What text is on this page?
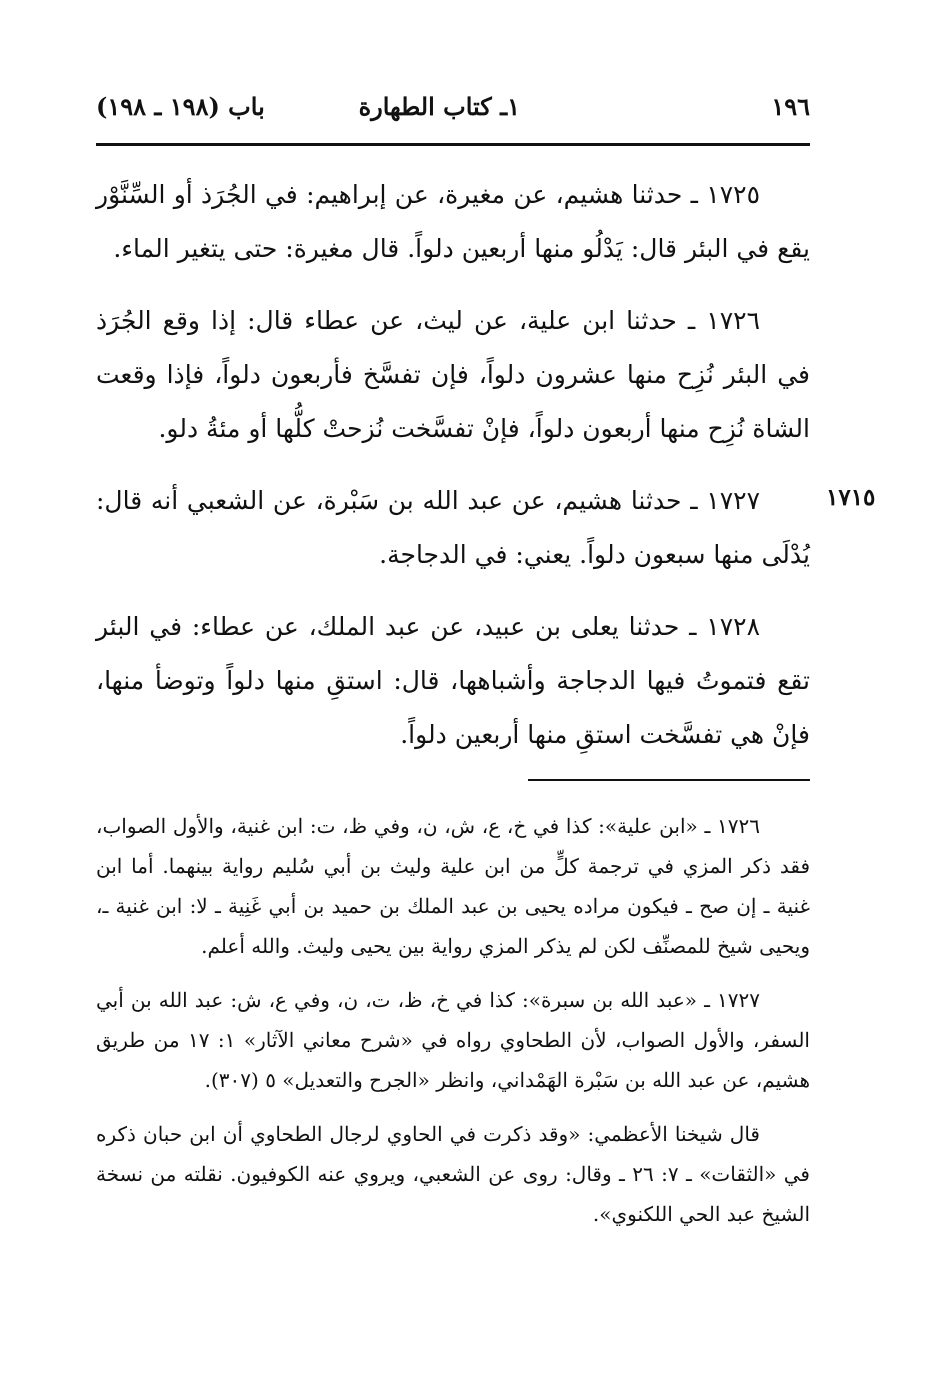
١٩٦
١ـ كتاب الطهارة
باب (١٩٨ ـ ١٩٨)

١٧٢٥ ـ حدثنا هشيم، عن مغيرة، عن إبراهيم: في الجُرَذ أو السِّنَّوْر يقع في البئر قال: يَدْلُو منها أربعين دلواً. قال مغيرة: حتى يتغير الماء.

١٧٢٦ ـ حدثنا ابن علية، عن ليث، عن عطاء قال: إذا وقع الجُرَذ في البئر نُزِح منها عشرون دلواً، فإن تفسَّخ فأربعون دلواً، فإذا وقعت الشاة نُزِح منها أربعون دلواً، فإنْ تفسَّخت نُزحتْ كلُّها أو مئةُ دلو.

١٧٢٧ ـ حدثنا هشيم، عن عبد الله بن سَبْرة، عن الشعبي أنه قال: يُدْلَى منها سبعون دلواً. يعني: في الدجاجة.

١٧٢٨ ـ حدثنا يعلى بن عبيد، عن عبد الملك، عن عطاء: في البئر تقع فتموتُ فيها الدجاجة وأشباهها، قال: استقِ منها دلواً وتوضأ منها، فإنْ هي تفسَّخت استقِ منها أربعين دلواً.

١٧١٥

١٧٢٦ ـ «ابن علية»: كذا في خ، ع، ش، ن، وفي ظ، ت: ابن غنية، والأول الصواب، فقد ذكر المزي في ترجمة كلٍّ من ابن علية وليث بن أبي سُليم رواية بينهما. أما ابن غنية ـ إن صح ـ فيكون مراده يحيى بن عبد الملك بن حميد بن أبي غَنِية ـ لا: ابن غنية ـ، ويحيى شيخ للمصنِّف لكن لم يذكر المزي رواية بين يحيى وليث. والله أعلم.

١٧٢٧ ـ «عبد الله بن سبرة»: كذا في خ، ظ، ت، ن، وفي ع، ش: عبد الله بن أبي السفر، والأول الصواب، لأن الطحاوي رواه في «شرح معاني الآثار» ١: ١٧ من طريق هشيم، عن عبد الله بن سَبْرة الهَمْداني، وانظر «الجرح والتعديل» ٥ (٣٠٧).

قال شيخنا الأعظمي: «وقد ذكرت في الحاوي لرجال الطحاوي أن ابن حبان ذكره في «الثقات» ـ ٧: ٢٦ ـ وقال: روى عن الشعبي، ويروي عنه الكوفيون. نقلته من نسخة الشيخ عبد الحي اللكنوي».
